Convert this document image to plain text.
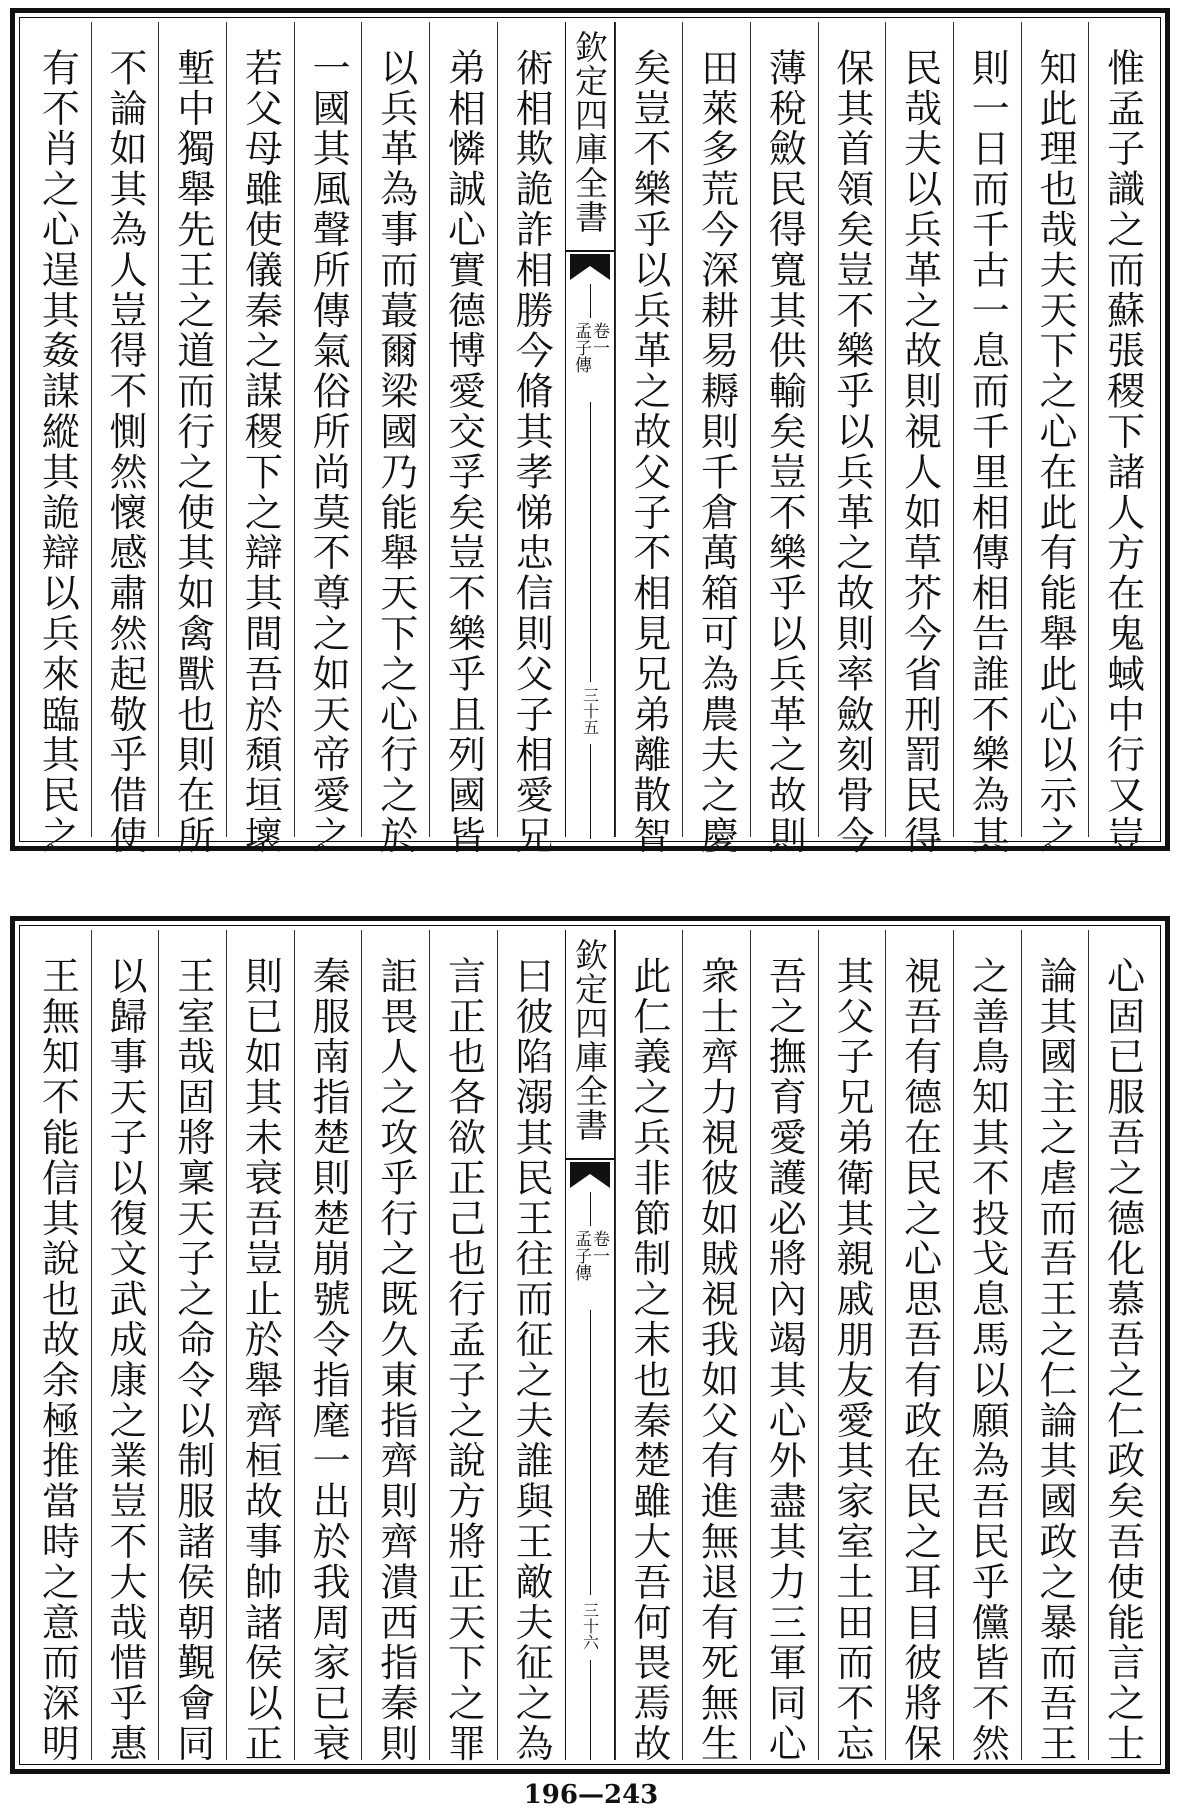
惟孟子識之而蘇張稷下諸人方在鬼蜮中行又豈
知此理也哉夫天下之心在此有能舉此心以示之
則一日而千古一息而千里相傳相告誰不樂為其
民哉夫以兵革之故則視人如草芥今省刑罰民得
保其首領矣豈不樂乎以兵革之故則率斂刻骨今
薄稅斂民得寬其供輸矣豈不樂乎以兵革之故則
田萊多荒今深耕易耨則千倉萬箱可為農夫之慶
矣豈不樂乎以兵革之故父子不相見兄弟離散智
欽定四庫全書
孟子傳
卷一
三十五
術相欺詭詐相勝今脩其孝悌忠信則父子相愛兄
弟相憐誠心實德博愛交孚矣豈不樂乎且列國皆
以兵革為事而蕞爾梁國乃能舉天下之心行之於
一國其風聲所傳氣俗所尚莫不尊之如天帝愛之
若父母雖使儀秦之謀稷下之辯其間吾於頹垣壞
塹中獨舉先王之道而行之使其如禽獸也則在所
不論如其為人豈得不惻然懷感肅然起敬乎借使
有不肖之心逞其姦謀縱其詭辯以兵來臨其民之
心固已服吾之德化慕吾之仁政矣吾使能言之士
論其國主之虐而吾王之仁論其國政之暴而吾王
之善鳥知其不投戈息馬以願為吾民乎儻皆不然
視吾有德在民之心思吾有政在民之耳目彼將保
其父子兄弟衛其親戚朋友愛其家室土田而不忘
吾之撫育愛護必將內竭其心外盡其力三軍同心
衆士齊力視彼如賊視我如父有進無退有死無生
此仁義之兵非節制之末也秦楚雖大吾何畏焉故
欽定四庫全書
孟子傳
卷一
三十六
曰彼陷溺其民王往而征之夫誰與王敵夫征之為
言正也各欲正己也行孟子之說方將正天下之罪
詎畏人之攻乎行之既久東指齊則齊潰西指秦則
秦服南指楚則楚崩號令指麾一出於我周家已衰
則已如其未衰吾豈止於舉齊桓故事帥諸侯以正
王室哉固將稟天子之命令以制服諸侯朝覲會同
以歸事天子以復文武成康之業豈不大哉惜乎惠
王無知不能信其說也故余極推當時之意而深明
196—243
